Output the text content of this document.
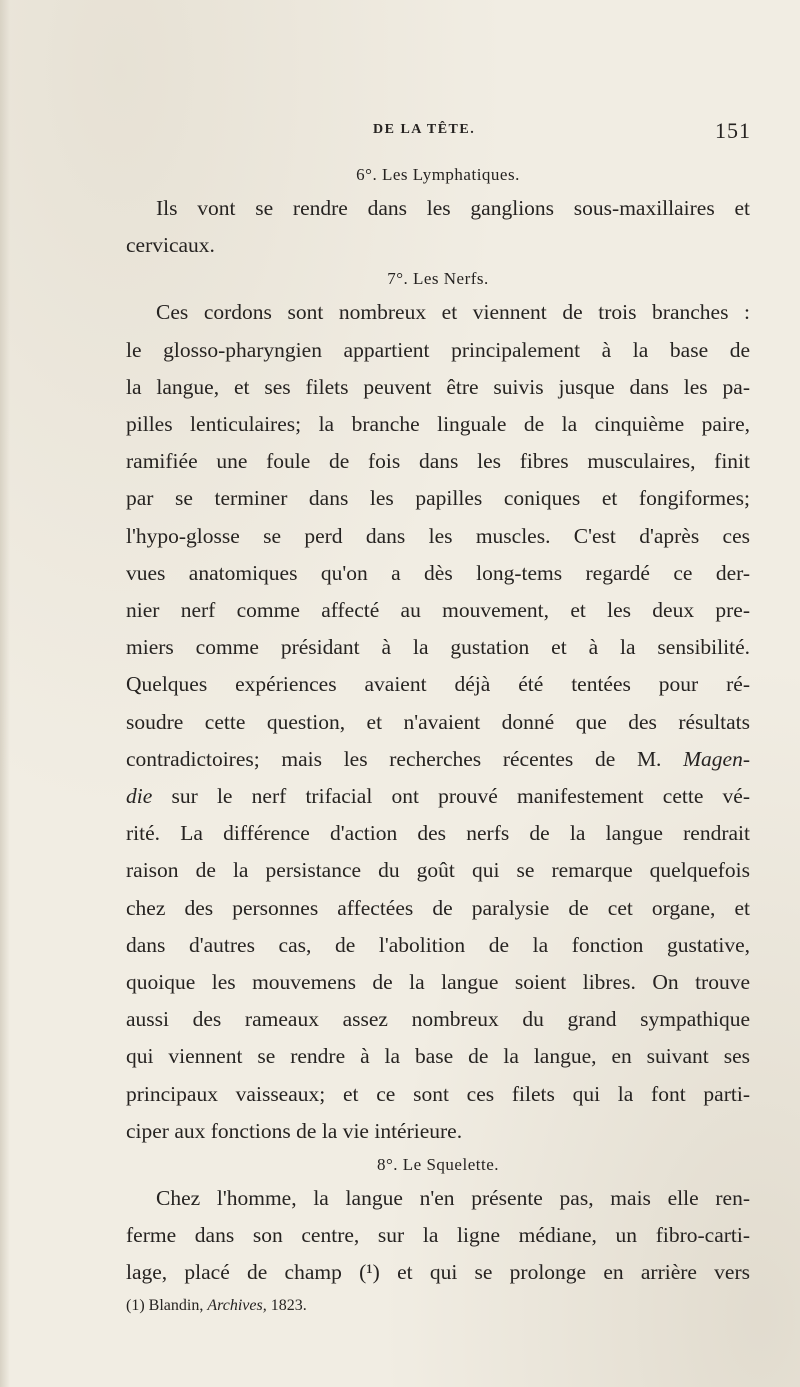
DE LA TÊTE.	151
6°. Les Lymphatiques.
Ils vont se rendre dans les ganglions sous-maxillaires et
cervicaux.
7°. Les Nerfs.
Ces cordons sont nombreux et viennent de trois branches :
le glosso-pharyngien appartient principalement à la base de
la langue, et ses filets peuvent être suivis jusque dans les pa-
pilles lenticulaires; la branche linguale de la cinquième paire,
ramifiée une foule de fois dans les fibres musculaires, finit
par se terminer dans les papilles coniques et fongiformes;
l'hypo-glosse se perd dans les muscles. C'est d'après ces
vues anatomiques qu'on a dès long-tems regardé ce der-
nier nerf comme affecté au mouvement, et les deux pre-
miers comme présidant à la gustation et à la sensibilité.
Quelques expériences avaient déjà été tentées pour ré-
soudre cette question, et n'avaient donné que des résultats
contradictoires; mais les recherches récentes de M. Magen-
die sur le nerf trifacial ont prouvé manifestement cette vé-
rité. La différence d'action des nerfs de la langue rendrait
raison de la persistance du goût qui se remarque quelquefois
chez des personnes affectées de paralysie de cet organe, et
dans d'autres cas, de l'abolition de la fonction gustative,
quoique les mouvemens de la langue soient libres. On trouve
aussi des rameaux assez nombreux du grand sympathique
qui viennent se rendre à la base de la langue, en suivant ses
principaux vaisseaux; et ce sont ces filets qui la font parti-
ciper aux fonctions de la vie intérieure.
8°. Le Squelette.
Chez l'homme, la langue n'en présente pas, mais elle ren-
ferme dans son centre, sur la ligne médiane, un fibro-carti-
lage, placé de champ (¹) et qui se prolonge en arrière vers
(1) Blandin, Archives, 1823.
